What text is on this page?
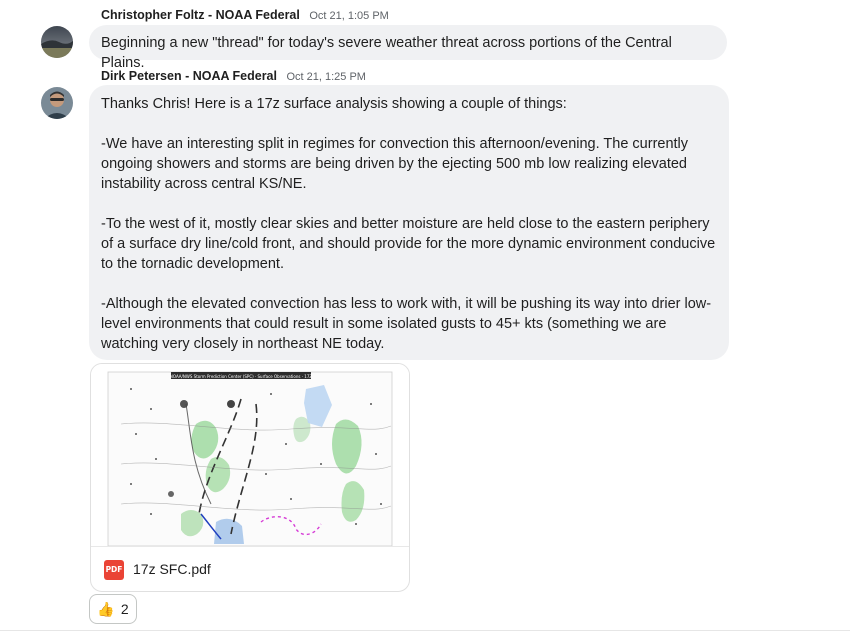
Christopher Foltz - NOAA Federal Oct 21, 1:05 PM

Beginning a new "thread" for today's severe weather threat across portions of the Central Plains.

Dirk Petersen - NOAA Federal Oct 21, 1:25 PM

Thanks Chris! Here is a 17z surface analysis showing a couple of things:

-We have an interesting split in regimes for convection this afternoon/evening. The currently ongoing showers and storms are being driven by the ejecting 500 mb low realizing elevated instability across central KS/NE.

-To the west of it, mostly clear skies and better moisture are held close to the eastern periphery of a surface dry line/cold front, and should provide for the more dynamic environment conducive to the tornadic development.

-Although the elevated convection has less to work with, it will be pushing its way into drier low-level environments that could result in some isolated gusts to 45+ kts (something we are watching very closely in northeast NE today.

NOAA/NWS Storm Prediction Center (SPC) · Surface Observations · 17Z
PDF 17z SFC.pdf
👍 2
